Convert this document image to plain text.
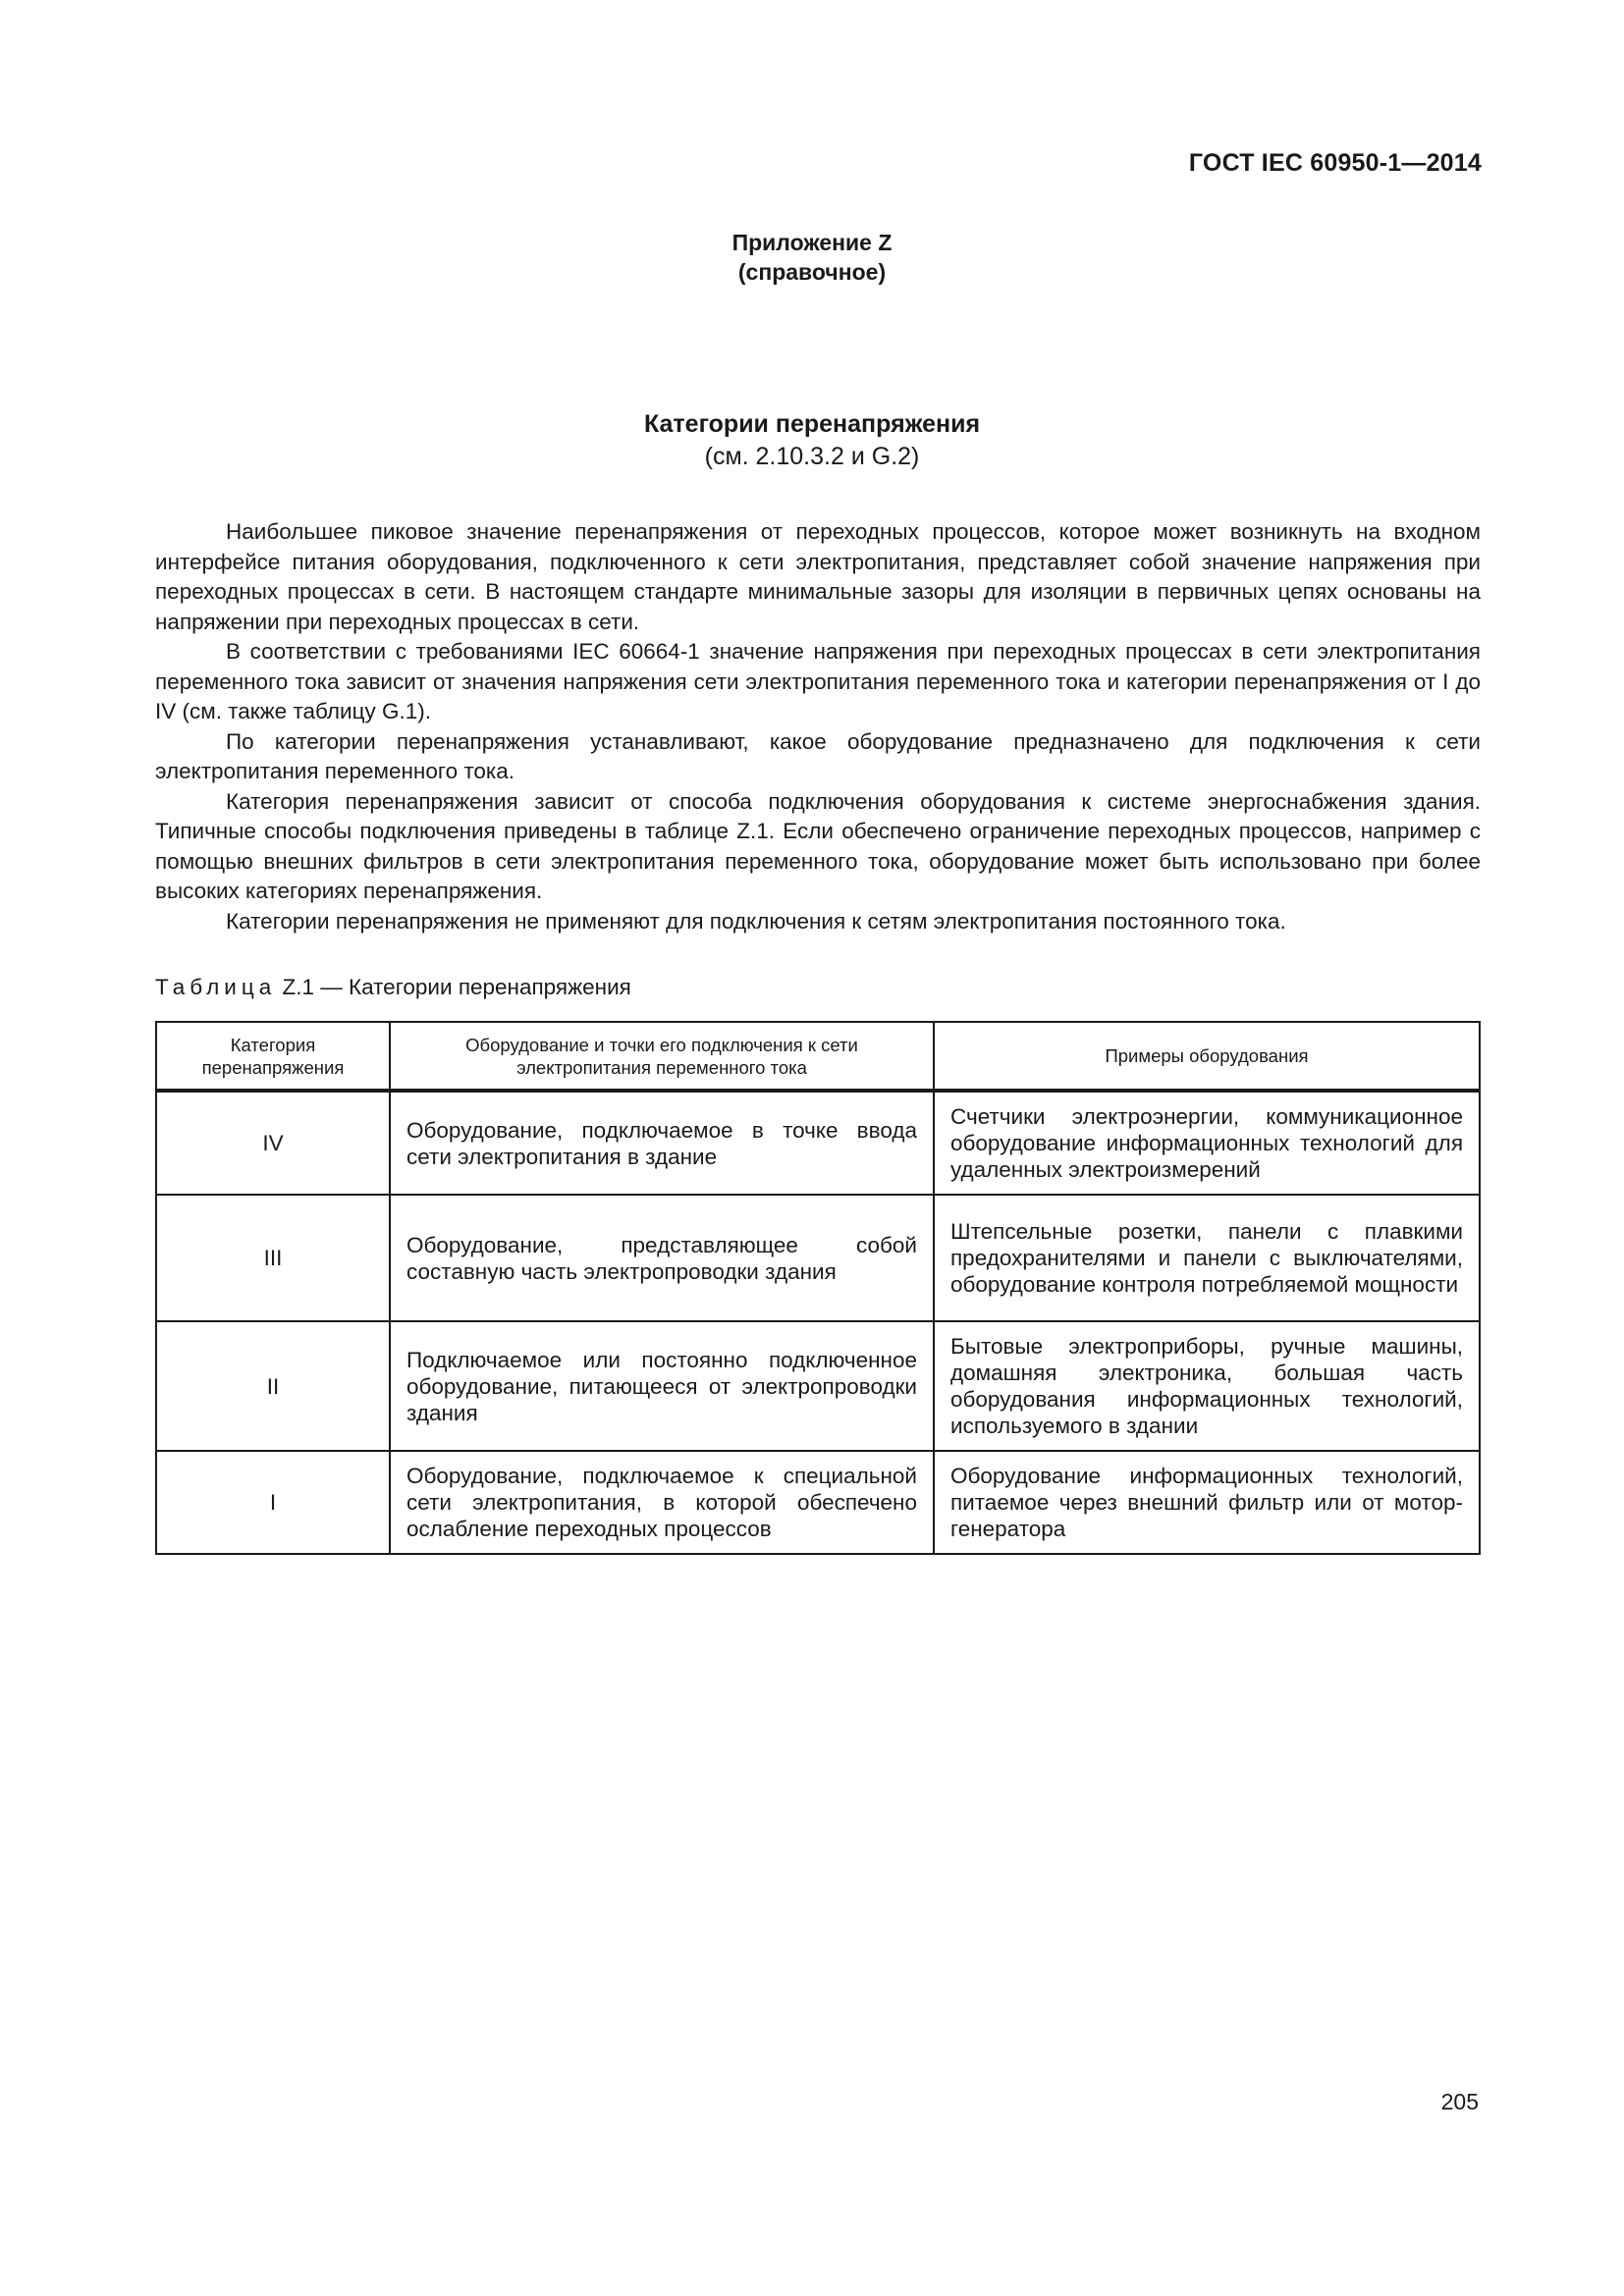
ГОСТ IEC 60950-1—2014
Приложение Z
(справочное)
Категории перенапряжения
(см. 2.10.3.2 и G.2)

Наибольшее пиковое значение перенапряжения от переходных процессов, которое может возникнуть на входном интерфейсе питания оборудования, подключенного к сети электропитания, представляет собой значение напряжения при переходных процессах в сети. В настоящем стандарте минимальные зазоры для изоляции в первичных цепях основаны на напряжении при переходных процессах в сети.

В соответствии с требованиями IEC 60664-1 значение напряжения при переходных процессах в сети электропитания переменного тока зависит от значения напряжения сети электропитания переменного тока и категории перенапряжения от I до IV (см. также таблицу G.1).

По категории перенапряжения устанавливают, какое оборудование предназначено для подключения к сети электропитания переменного тока.

Категория перенапряжения зависит от способа подключения оборудования к системе энергоснабжения здания. Типичные способы подключения приведены в таблице Z.1. Если обеспечено ограничение переходных процессов, например с помощью внешних фильтров в сети электропитания переменного тока, оборудование может быть использовано при более высоких категориях перенапряжения.

Категории перенапряжения не применяют для подключения к сетям электропитания постоянного тока.

Таблица Z.1 — Категории перенапряжения
Категория перенапряжения	Оборудование и точки его подключения к сети электропитания переменного тока	Примеры оборудования
IV	Оборудование, подключаемое в точке ввода сети электропитания в здание	Счетчики электроэнергии, коммуникационное оборудование информационных технологий для удаленных электроизмерений
III	Оборудование, представляющее собой составную часть электропроводки здания	Штепсельные розетки, панели с плавкими предохранителями и панели с выключателями, оборудование контроля потребляемой мощности
II	Подключаемое или постоянно подключенное оборудование, питающееся от электропроводки здания	Бытовые электроприборы, ручные машины, домашняя электроника, большая часть оборудования информационных технологий, используемого в здании
I	Оборудование, подключаемое к специальной сети электропитания, в которой обеспечено ослабление переходных процессов	Оборудование информационных технологий, питаемое через внешний фильтр или от мотор-генератора
205
